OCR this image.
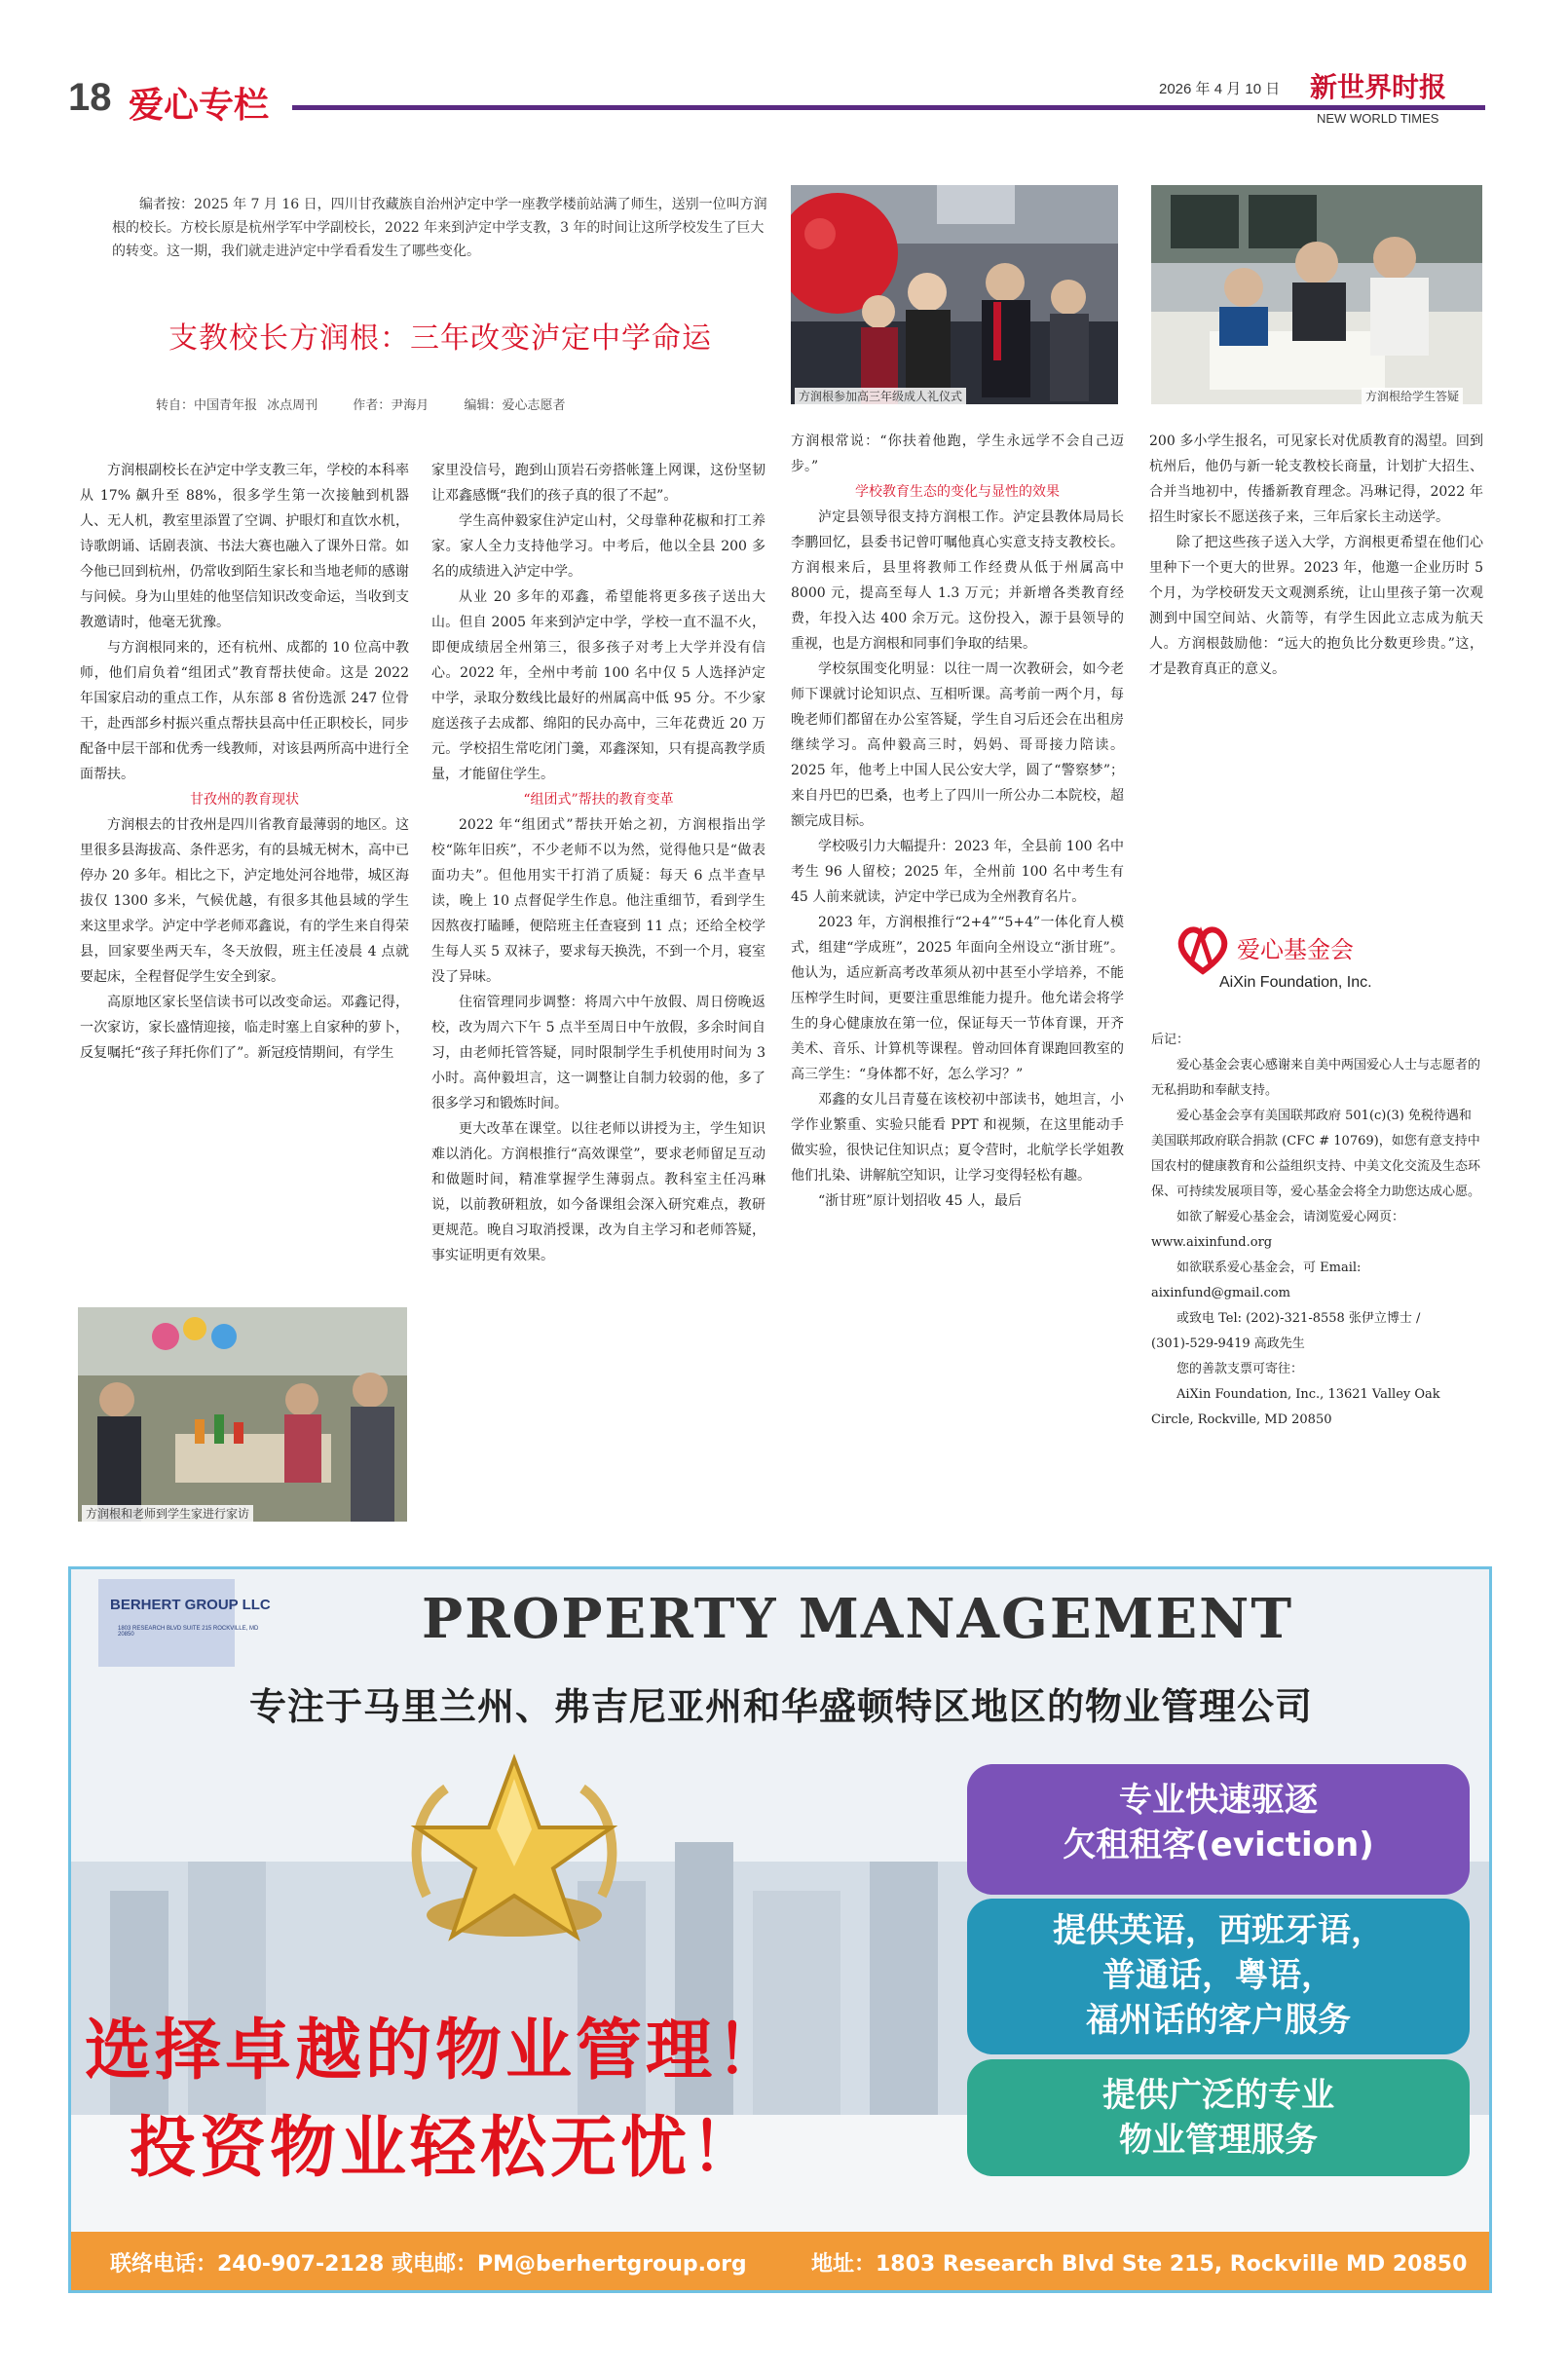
18 爱心专栏	2026 年 4 月 10 日 新世界时报
NEW WORLD TIMES
编者按：2025 年 7 月 16 日，四川甘孜藏族自治州泸定中学一座教学楼前站满了师生，送别一位叫方润根的校长。方校长原是杭州学军中学副校长，2022 年来到泸定中学支教，3 年的时间让这所学校发生了巨大的转变。这一期，我们就走进泸定中学看看发生了哪些变化。
支教校长方润根：三年改变泸定中学命运
转自：中国青年报 冰点周刊	作者：尹海月	编辑：爱心志愿者
方润根参加高三年级成人礼仪式	方润根给学生答疑

方润根副校长在泸定中学支教三年，学校的本科率从 17% 飙升至 88%，很多学生第一次接触到机器人、无人机，教室里添置了空调、护眼灯和直饮水机，诗歌朗诵、话剧表演、书法大赛也融入了课外日常。如今他已回到杭州，仍常收到陌生家长和当地老师的感谢与问候。身为山里娃的他坚信知识改变命运，当收到支教邀请时，他毫无犹豫。

与方润根同来的，还有杭州、成都的 10 位高中教师，他们肩负着“组团式”教育帮扶使命。这是 2022 年国家启动的重点工作，从东部 8 省份选派 247 位骨干，赴西部乡村振兴重点帮扶县高中任正职校长，同步配备中层干部和优秀一线教师，对该县两所高中进行全面帮扶。

甘孜州的教育现状

方润根去的甘孜州是四川省教育最薄弱的地区。这里很多县海拔高、条件恶劣，有的县城无树木，高中已停办 20 多年。相比之下，泸定地处河谷地带，城区海拔仅 1300 多米，气候优越，有很多其他县域的学生来这里求学。泸定中学老师邓鑫说，有的学生来自得荣县，回家要坐两天车，冬天放假，班主任凌晨 4 点就要起床，全程督促学生安全到家。

高原地区家长坚信读书可以改变命运。邓鑫记得，一次家访，家长盛情迎接，临走时塞上自家种的萝卜，反复嘱托“孩子拜托你们了”。新冠疫情期间，有学生

方润根和老师到学生家进行家访

家里没信号，跑到山顶岩石旁搭帐篷上网课，这份坚韧让邓鑫感慨“我们的孩子真的很了不起”。

学生高仲毅家住泸定山村，父母靠种花椒和打工养家。家人全力支持他学习。中考后，他以全县 200 多名的成绩进入泸定中学。

从业 20 多年的邓鑫，希望能将更多孩子送出大山。但自 2005 年来到泸定中学，学校一直不温不火，即便成绩居全州第三，很多孩子对考上大学并没有信心。2022 年，全州中考前 100 名中仅 5 人选择泸定中学，录取分数线比最好的州属高中低 95 分。不少家庭送孩子去成都、绵阳的民办高中，三年花费近 20 万元。学校招生常吃闭门羹，邓鑫深知，只有提高教学质量，才能留住学生。

“组团式”帮扶的教育变革

2022 年“组团式”帮扶开始之初，方润根指出学校“陈年旧疾”，不少老师不以为然，觉得他只是“做表面功夫”。但他用实干打消了质疑：每天 6 点半查早读，晚上 10 点督促学生作息。他注重细节，看到学生因熬夜打瞌睡，便陪班主任查寝到 11 点；还给全校学生每人买 5 双袜子，要求每天换洗，不到一个月，寝室没了异味。

住宿管理同步调整：将周六中午放假、周日傍晚返校，改为周六下午 5 点半至周日中午放假，多余时间自习，由老师托管答疑，同时限制学生手机使用时间为 3 小时。高仲毅坦言，这一调整让自制力较弱的他，多了很多学习和锻炼时间。

更大改革在课堂。以往老师以讲授为主，学生知识难以消化。方润根推行“高效课堂”，要求老师留足互动和做题时间，精准掌握学生薄弱点。教科室主任冯琳说，以前教研粗放，如今备课组会深入研究难点，教研更规范。晚自习取消授课，改为自主学习和老师答疑，事实证明更有效果。

方润根常说：“你扶着他跑，学生永远学不会自己迈步。”

学校教育生态的变化与显性的效果

泸定县领导很支持方润根工作。泸定县教体局局长李鹏回忆，县委书记曾叮嘱他真心实意支持支教校长。方润根来后，县里将教师工作经费从低于州属高中 8000 元，提高至每人 1.3 万元；并新增各类教育经费，年投入达 400 余万元。这份投入，源于县领导的重视，也是方润根和同事们争取的结果。

学校氛围变化明显：以往一周一次教研会，如今老师下课就讨论知识点、互相听课。高考前一两个月，每晚老师们都留在办公室答疑，学生自习后还会在出租房继续学习。高仲毅高三时，妈妈、哥哥接力陪读。2025 年，他考上中国人民公安大学，圆了“警察梦”；来自丹巴的巴桑，也考上了四川一所公办二本院校，超额完成目标。

学校吸引力大幅提升：2023 年，全县前 100 名中考生 96 人留校；2025 年，全州前 100 名中考生有 45 人前来就读，泸定中学已成为全州教育名片。

2023 年，方润根推行“2+4”“5+4”一体化育人模式，组建“学成班”，2025 年面向全州设立“浙甘班”。他认为，适应新高考改革须从初中甚至小学培养，不能压榨学生时间，更要注重思维能力提升。他允诺会将学生的身心健康放在第一位，保证每天一节体育课，开齐美术、音乐、计算机等课程。曾动回体育课跑回教室的高三学生：“身体都不好，怎么学习？”

邓鑫的女儿吕青蔓在该校初中部读书，她坦言，小学作业繁重、实验只能看 PPT 和视频，在这里能动手做实验，很快记住知识点；夏令营时，北航学长学姐教他们扎染、讲解航空知识，让学习变得轻松有趣。

“浙甘班”原计划招收 45 人，最后

200 多小学生报名，可见家长对优质教育的渴望。回到杭州后，他仍与新一轮支教校长商量，计划扩大招生、合并当地初中，传播新教育理念。冯琳记得，2022 年招生时家长不愿送孩子来，三年后家长主动送学。

除了把这些孩子送入大学，方润根更希望在他们心里种下一个更大的世界。2023 年，他邀一企业历时 5 个月，为学校研发天文观测系统，让山里孩子第一次观测到中国空间站、火箭等，有学生因此立志成为航天人。方润根鼓励他：“远大的抱负比分数更珍贵。”这，才是教育真正的意义。

爱心基金会
AiXin Foundation, Inc.
后记：

爱心基金会衷心感谢来自美中两国爱心人士与志愿者的无私捐助和奉献支持。

爱心基金会享有美国联邦政府 501(c)(3) 免税待遇和美国联邦政府联合捐款 (CFC # 10769)，如您有意支持中国农村的健康教育和公益组织支持、中美文化交流及生态环保、可持续发展项目等，爱心基金会将全力助您达成心愿。

如欲了解爱心基金会，请浏览爱心网页：

www.aixinfund.org

如欲联系爱心基金会，可 Email:

aixinfund@gmail.com

或致电 Tel: (202)-321-8558 张伊立博士 / (301)-529-9419 高政先生

您的善款支票可寄往：

AiXin Foundation, Inc., 13621 Valley Oak Circle, Rockville, MD 20850

BERHERT GROUP LLC
1803 RESEARCH BLVD SUITE 215 ROCKVILLE, MD 20850	PROPERTY MANAGEMENT
专注于马里兰州、弗吉尼亚州和华盛顿特区地区的物业管理公司
专业快速驱逐
欠租租客(eviction)
提供英语，西班牙语，
普通话，粤语，
福州话的客户服务
提供广泛的专业
物业管理服务
选择卓越的物业管理！
投资物业轻松无忧！
联络电话：240-907-2128 或电邮：PM@berhertgroup.org	地址：1803 Research Blvd Ste 215, Rockville MD 20850
